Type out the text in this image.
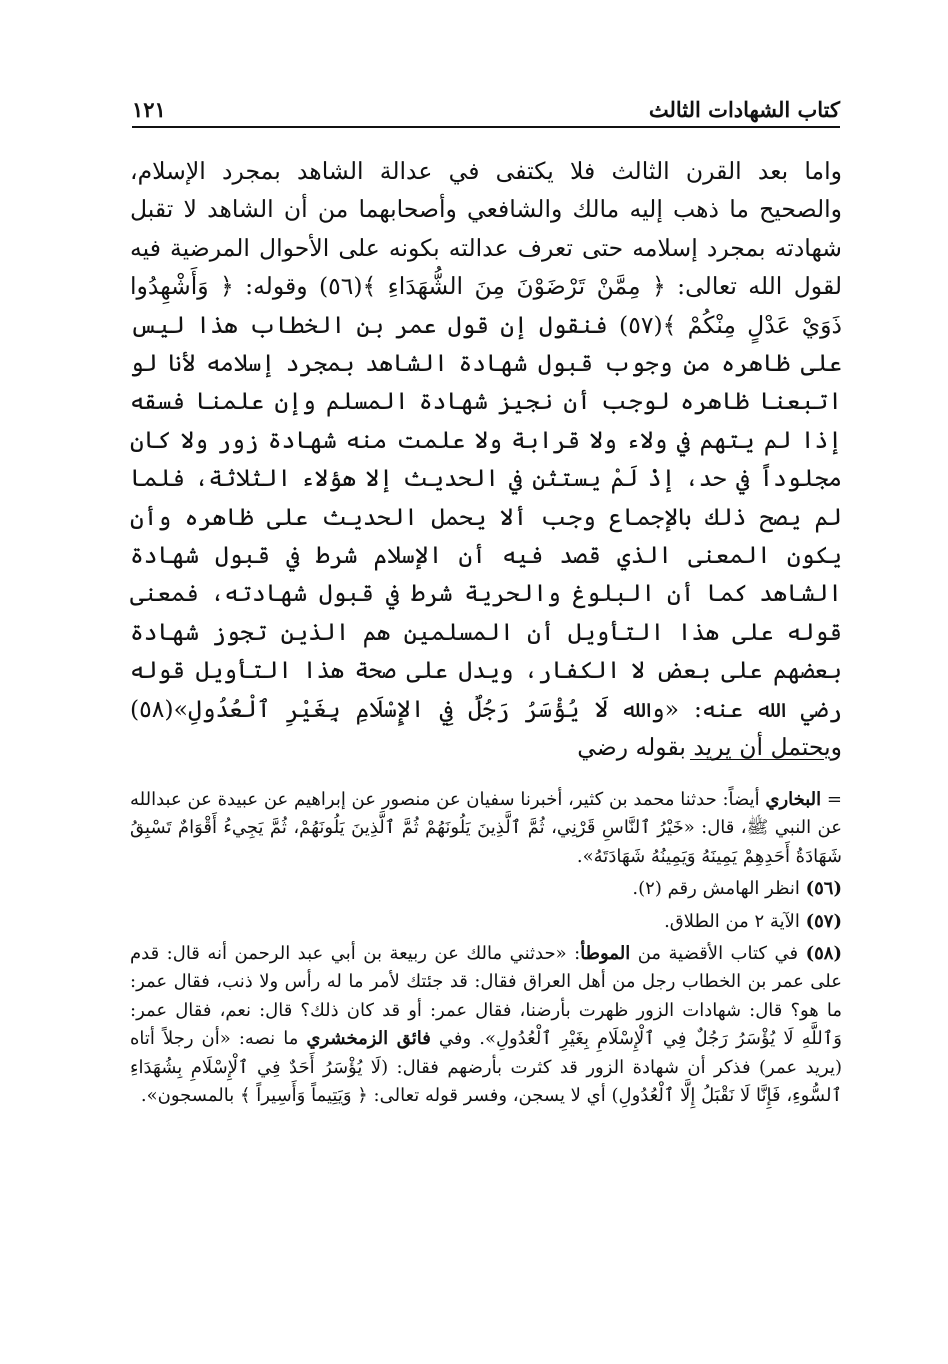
كتاب الشهادات الثالث
١٢١

واما بعد القرن الثالث فلا يكتفى في عدالة الشاهد بمجرد الإسلام، والصحيح ما ذهب إليه مالك والشافعي وأصحابهما من أن الشاهد لا تقبل شهادته بمجرد إسلامه حتى تعرف عدالته بكونه على الأحوال المرضية فيه لقول الله تعالى: ﴿ مِمَّنْ تَرْضَوْنَ مِنَ الشُّهَدَاءِ ﴾(٥٦) وقوله: ﴿ وَأَشْهِدُوا ذَوَيْ عَدْلٍ مِنْكُمْ ﴾(٥٧) فنقول إن قول عمر بن الخطاب هذا ليس على ظاهره من وجوب قبول شهادة الشاهد بمجرد إسلامه لأنا لو اتبعنا ظاهره لوجب أن نجيز شهادة المسلم وإن علمنا فسقه إذا لم يتهم في ولاء ولا قرابة ولا علمت منه شهادة زور ولا كان مجلوداً في حد، إذْ لَمْ يستثن في الحديث إلا هؤلاء الثلاثة، فلما لم يصح ذلك بالإجماع وجب ألا يحمل الحديث على ظاهره وأن يكون المعنى الذي قصد فيه أن الإسلام شرط في قبول شهادة الشاهد كما أن البلوغ والحرية شرط في قبول شهادته، فمعنى قوله على هذا التأويل أن المسلمين هم الذين تجوز شهادة بعضهم على بعض لا الكفار، ويدل على صحة هذا التأويل قوله رضي الله عنه: «والله لَا يُؤْسَرُ رَجُلٌ فِي الإِسْلَامِ بِغَيْرِ ٱلْعُدُولِ»(٥٨) ويحتمل أن يريد بقوله رضي

= البخاري أيضاً: حدثنا محمد بن كثير، أخبرنا سفيان عن منصور عن إبراهيم عن عبيدة عن عبدالله عن النبي ﷺ، قال: «خَيْرُ ٱلنَّاسِ قَرْنِي، ثُمَّ ٱلَّذِينَ يَلُونَهُمْ ثُمَّ ٱلَّذِينَ يَلُونَهُمْ، ثُمَّ يَجِيءُ أَقْوَامٌ تَسْبِقُ شَهَادَةُ أَحَدِهِمْ يَمِينَهُ وَيَمِينُهُ شَهَادَتَهُ».

(٥٦) انظر الهامش رقم (٢).

(٥٧) الآية ٢ من الطلاق.

(٥٨) في كتاب الأقضية من الموطأ: «حدثني مالك عن ربيعة بن أبي عبد الرحمن أنه قال: قدم على عمر بن الخطاب رجل من أهل العراق فقال: قد جئتك لأمر ما له رأس ولا ذنب، فقال عمر: ما هو؟ قال: شهادات الزور ظهرت بأرضنا، فقال عمر: أو قد كان ذلك؟ قال: نعم، فقال عمر: وَٱللَّهِ لَا يُؤْسَرُ رَجُلٌ فِي ٱلْإِسْلَامِ بِغَيْرِ ٱلْعُدُولِ». وفي فائق الزمخشري ما نصه: «أن رجلاً أتاه (يريد عمر) فذكر أن شهادة الزور قد كثرت بأرضهم فقال: (لَا يُؤْسَرُ أَحَدٌ فِي ٱلْإِسْلَامِ بِشُهَدَاءِ ٱلسُّوءِ، فَإِنَّا لَا نَقْبَلُ إِلَّا ٱلْعُدُولِ) أي لا يسجن، وفسر قوله تعالى: ﴿ وَيَتِيماً وَأَسِيراً ﴾ بالمسجون».
